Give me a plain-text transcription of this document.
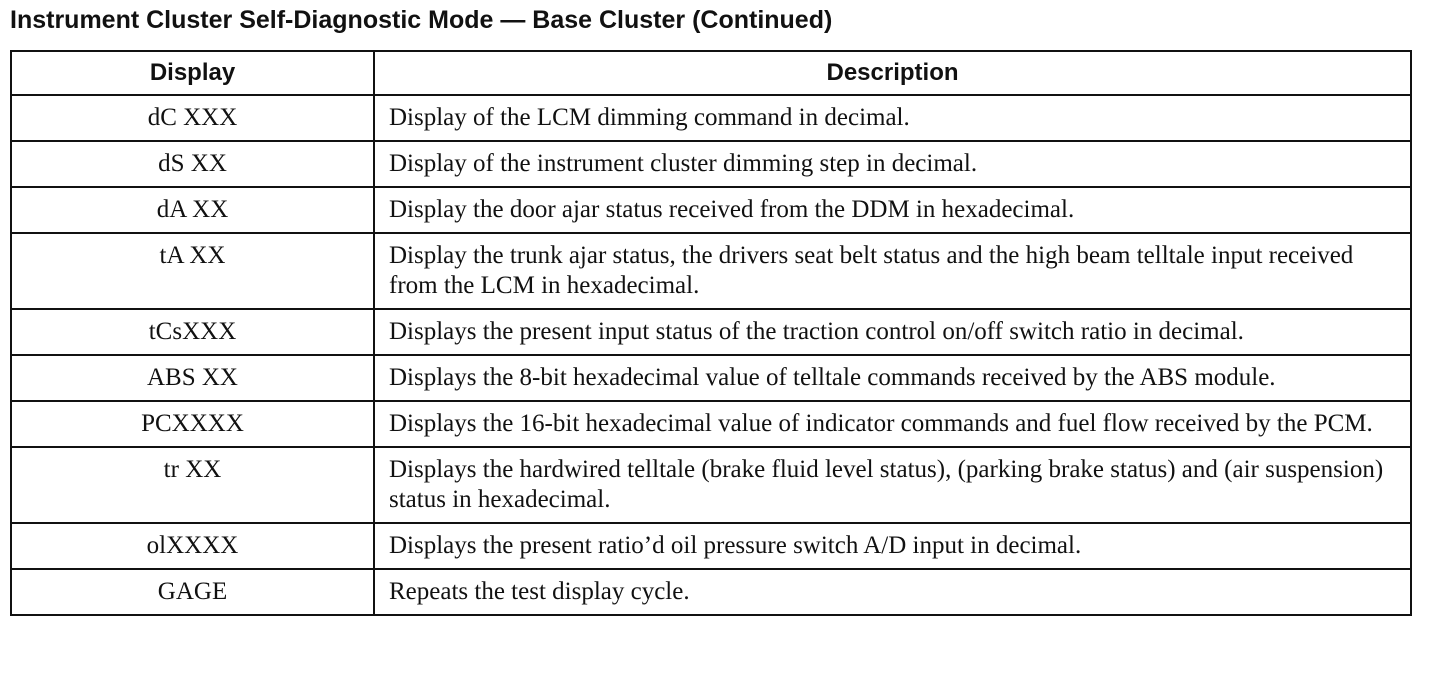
Instrument Cluster Self-Diagnostic Mode — Base Cluster (Continued)
Display	Description
dC XXX	Display of the LCM dimming command in decimal.
dS XX	Display of the instrument cluster dimming step in decimal.
dA XX	Display the door ajar status received from the DDM in hexadecimal.
tA XX	Display the trunk ajar status, the drivers seat belt status and the high beam telltale input received from the LCM in hexadecimal.
tCsXXX	Displays the present input status of the traction control on/off switch ratio in decimal.
ABS XX	Displays the 8-bit hexadecimal value of telltale commands received by the ABS module.
PCXXXX	Displays the 16-bit hexadecimal value of indicator commands and fuel flow received by the PCM.
tr XX	Displays the hardwired telltale (brake fluid level status), (parking brake status) and (air suspension) status in hexadecimal.
olXXXX	Displays the present ratio’d oil pressure switch A/D input in decimal.
GAGE	Repeats the test display cycle.
